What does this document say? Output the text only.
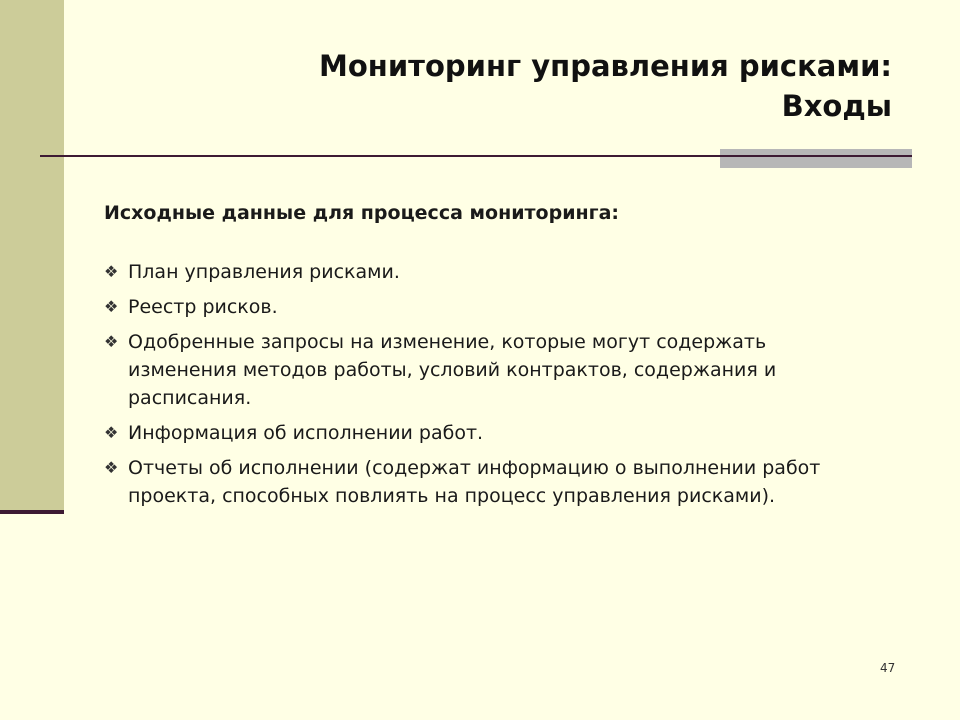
Мониторинг управления рисками:
Входы
Исходные данные для процесса мониторинга:
❖ План управления рисками.
❖ Реестр рисков.
❖ Одобренные запросы на изменение, которые могут содержать изменения методов работы, условий контрактов, содержания и расписания.
❖ Информация об исполнении работ.
❖ Отчеты об исполнении (содержат информацию о выполнении работ проекта, способных повлиять на процесс управления рисками).
47
